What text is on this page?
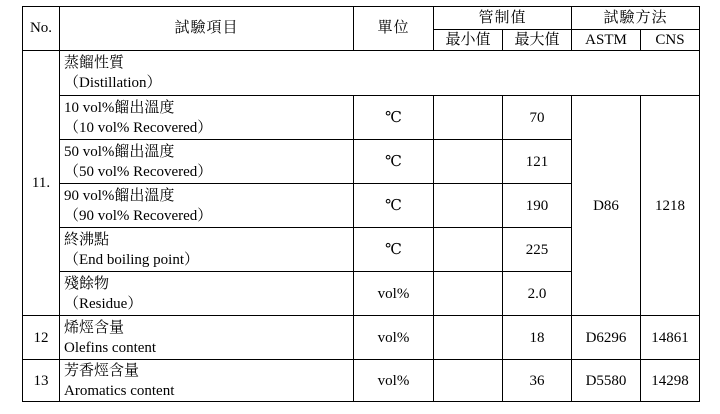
No.	試驗項目	單位	管制值		試驗方法	
			最小值	最大值	ASTM	CNS
11.	蒸餾性質
（Distillation）					

	10 vol%餾出溫度
（10 vol% Recovered）	℃		70	D86	1218

	50 vol%餾出溫度
（50 vol% Recovered）	℃		121		

	90 vol%餾出溫度
（90 vol% Recovered）	℃		190		

	終沸點
（End boiling point）	℃		225		

	殘餘物
（Residue）	vol%		2.0		
12	烯烴含量
Olefins content	vol%		18	D6296	14861
13	芳香烴含量
Aromatics content	vol%		36	D5580	14298
